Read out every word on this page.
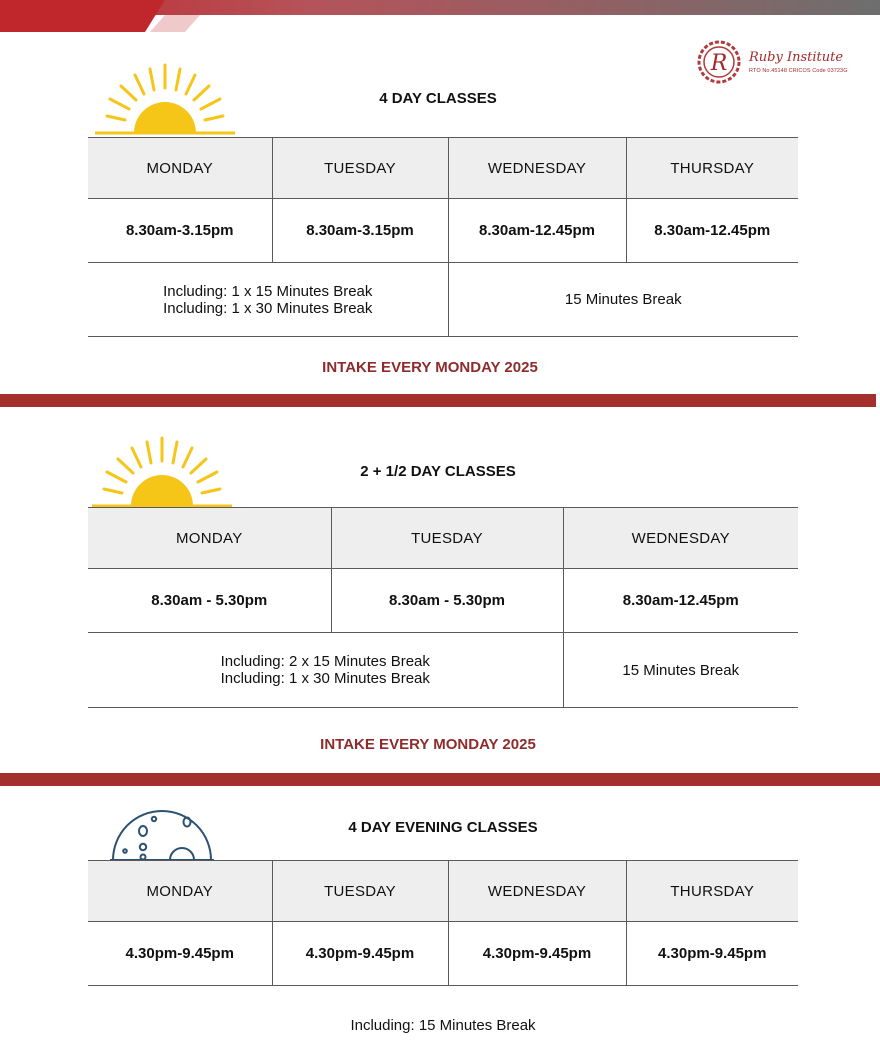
R Ruby Institute
RTO No.45148 CRICOS Code 03723G
4 DAY CLASSES
MONDAY	TUESDAY	WEDNESDAY	THURSDAY
8.30am-3.15pm	8.30am-3.15pm	8.30am-12.45pm	8.30am-12.45pm

Including: 1 x 15 Minutes Break
Including: 1 x 30 Minutes Break		15 Minutes Break	
INTAKE EVERY MONDAY 2025
2 + 1/2 DAY CLASSES
MONDAY	TUESDAY	WEDNESDAY
8.30am - 5.30pm	8.30am - 5.30pm	8.30am-12.45pm

Including: 2 x 15 Minutes Break
Including: 1 x 30 Minutes Break		15 Minutes Break
INTAKE EVERY MONDAY 2025
4 DAY EVENING CLASSES
MONDAY	TUESDAY	WEDNESDAY	THURSDAY
4.30pm-9.45pm	4.30pm-9.45pm	4.30pm-9.45pm	4.30pm-9.45pm
Including: 15 Minutes Break
